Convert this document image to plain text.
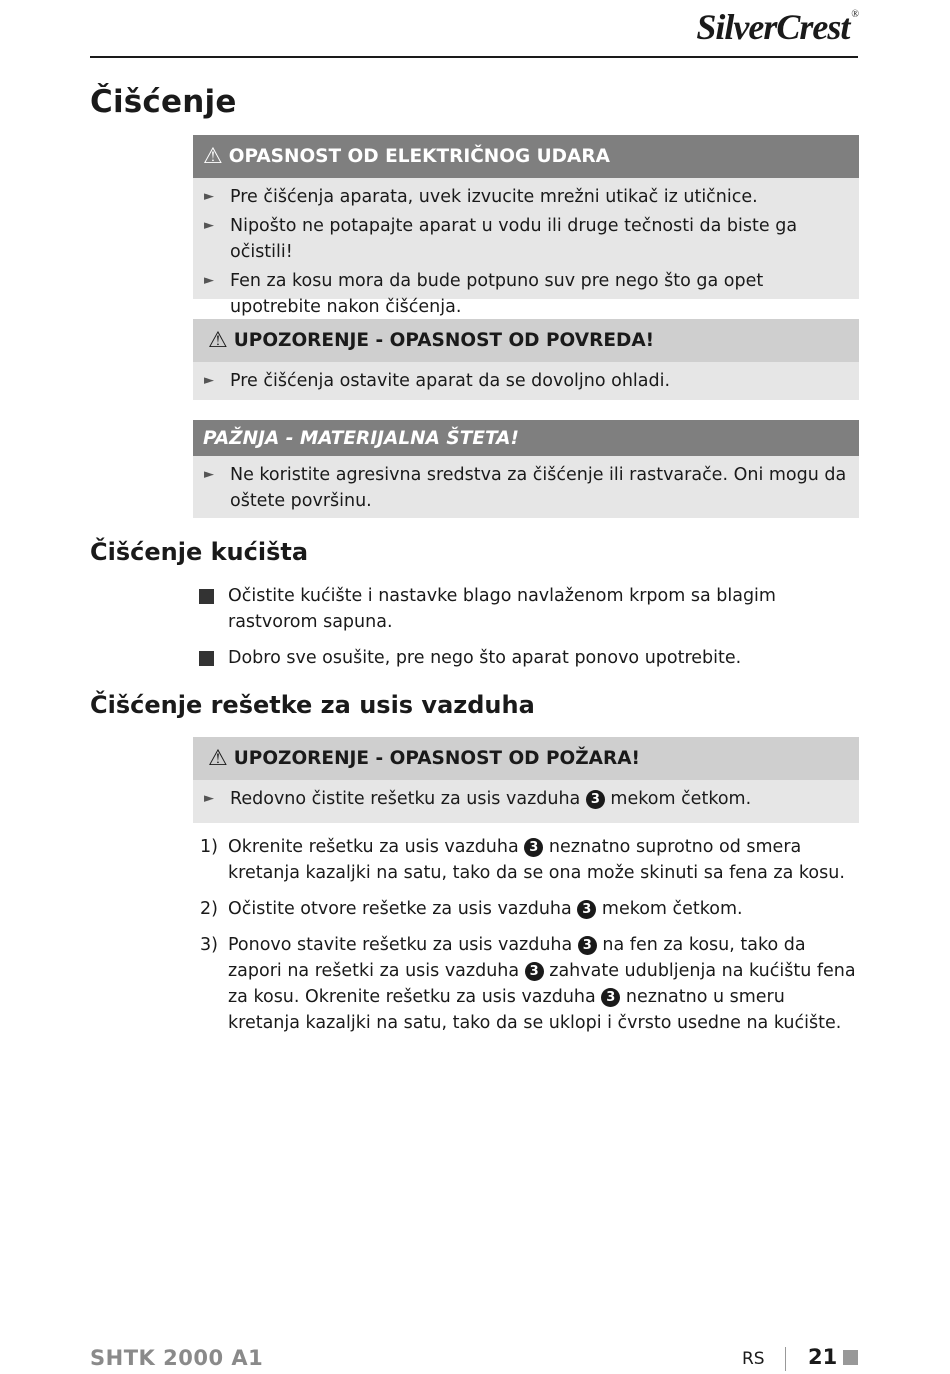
SilverCrest ®
Čišćenje
⚠ OPASNOST OD ELEKTRIČNOG UDARA
► Pre čišćenja aparata, uvek izvucite mrežni utikač iz utičnice.
► Nipošto ne potapajte aparat u vodu ili druge tečnosti da biste ga očistili!
► Fen za kosu mora da bude potpuno suv pre nego što ga opet upotrebite nakon čišćenja.
⚠ UPOZORENJE - OPASNOST OD POVREDA!
► Pre čišćenja ostavite aparat da se dovoljno ohladi.
PAŽNJA - MATERIJALNA ŠTETA!
► Ne koristite agresivna sredstva za čišćenje ili rastvarače. Oni mogu da oštete površinu.
Čišćenje kućišta
Očistite kućište i nastavke blago navlaženom krpom sa blagim rastvorom sapuna.
Dobro sve osušite, pre nego što aparat ponovo upotrebite.
Čišćenje rešetke za usis vazduha
⚠ UPOZORENJE - OPASNOST OD POŽARA!
► Redovno čistite rešetku za usis vazduha 3 mekom četkom.
1) Okrenite rešetku za usis vazduha 3 neznatno suprotno od smera kretanja kazaljki na satu, tako da se ona može skinuti sa fena za kosu.
2) Očistite otvore rešetke za usis vazduha 3 mekom četkom.
3) Ponovo stavite rešetku za usis vazduha 3 na fen za kosu, tako da zapori na rešetki za usis vazduha 3 zahvate udubljenja na kućištu fena za kosu. Okrenite rešetku za usis vazduha 3 neznatno u smeru kretanja kazaljki na satu, tako da se uklopi i čvrsto usedne na kućište.
SHTK 2000 A1	RS 21
